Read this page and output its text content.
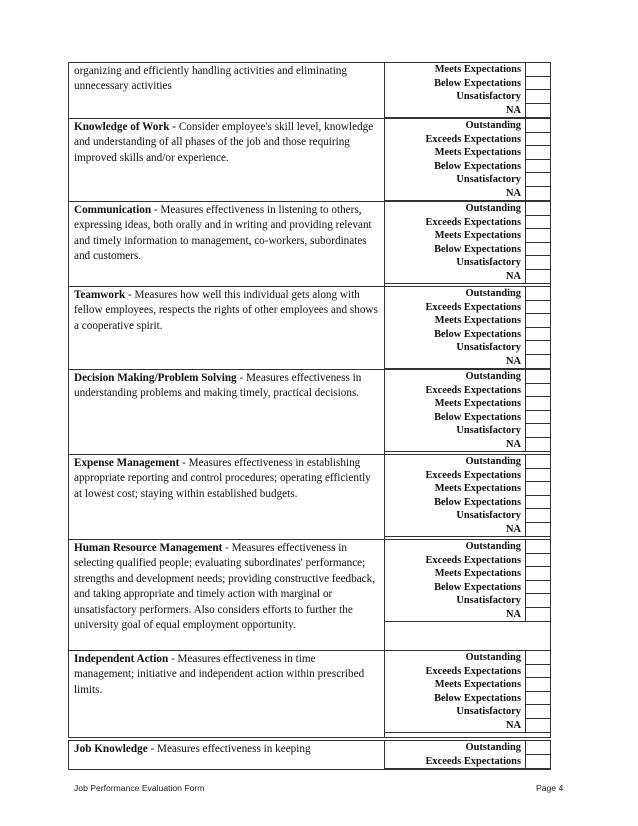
organizing and efficiently handling activities and eliminating unnecessary activities
Meets Expectations
Below Expectations
Unsatisfactory
NA
Knowledge of Work - Consider employee's skill level, knowledge and understanding of all phases of the job and those requiring improved skills and/or experience.
Outstanding
Exceeds Expectations
Meets Expectations
Below Expectations
Unsatisfactory
NA
Communication - Measures effectiveness in listening to others, expressing ideas, both orally and in writing and providing relevant and timely information to management, co-workers, subordinates and customers.
Outstanding
Exceeds Expectations
Meets Expectations
Below Expectations
Unsatisfactory
NA
Teamwork - Measures how well this individual gets along with fellow employees, respects the rights of other employees and shows a cooperative spirit.
Outstanding
Exceeds Expectations
Meets Expectations
Below Expectations
Unsatisfactory
NA
Decision Making/Problem Solving - Measures effectiveness in understanding problems and making timely, practical decisions.
Outstanding
Exceeds Expectations
Meets Expectations
Below Expectations
Unsatisfactory
NA
Expense Management - Measures effectiveness in establishing appropriate reporting and control procedures; operating efficiently at lowest cost; staying within established budgets.
Outstanding
Exceeds Expectations
Meets Expectations
Below Expectations
Unsatisfactory
NA
Human Resource Management - Measures effectiveness in selecting qualified people; evaluating subordinates' performance; strengths and development needs; providing constructive feedback, and taking appropriate and timely action with marginal or unsatisfactory performers. Also considers efforts to further the university goal of equal employment opportunity.
Outstanding
Exceeds Expectations
Meets Expectations
Below Expectations
Unsatisfactory
NA
Independent Action - Measures effectiveness in time management; initiative and independent action within prescribed limits.
Outstanding
Exceeds Expectations
Meets Expectations
Below Expectations
Unsatisfactory
NA
Job Knowledge - Measures effectiveness in keeping	Outstanding
Exceeds Expectations
Job Performance Evaluation Form	Page 4
